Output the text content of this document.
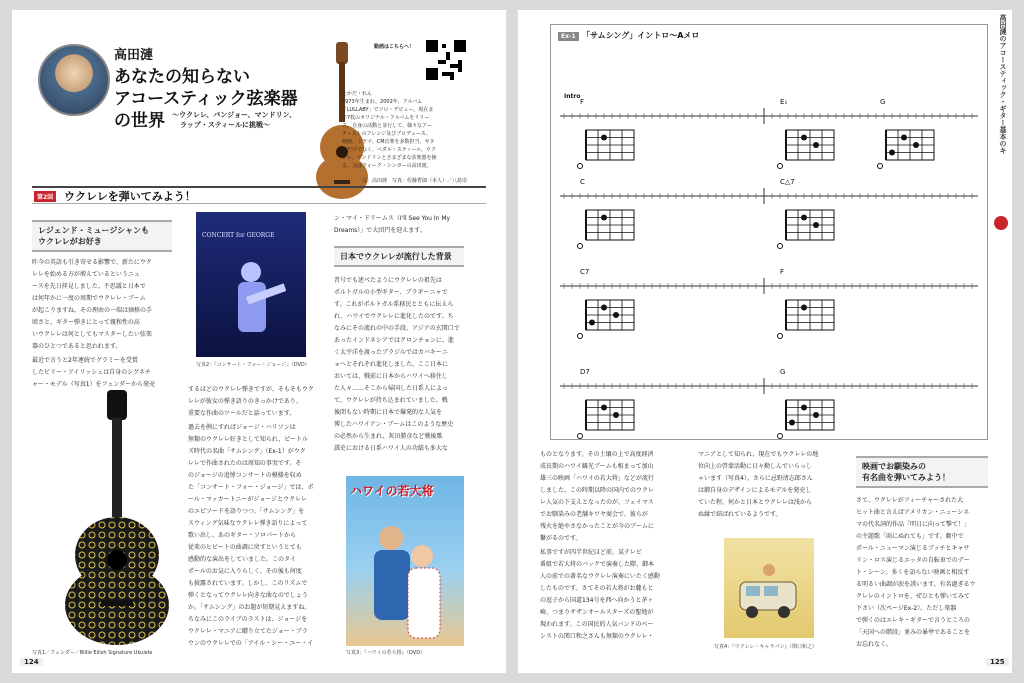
高田漣
あなたの知らない
アコースティック弦楽器
の世界 〜ウクレレ、バンジョー、マンドリン、
ラップ・スティールに挑戦〜
動画はこちらへ！
たかだ・れん
1973年生まれ。2002年、アルバム
「LULLABY」でソロ・デビュー。現在ま
で7枚のオリジナル・アルバムをリリー
ス。自身の活動と並行して、様々なアー
ティストのアレンジ及びプロデュース、
映画、ドラマ、CM音楽を多数担当。ギタ
ーだけでなく、ペダル・スティール、ウク
レレ、マンドリンとさまざまな弦楽器を操
る。父はフォーク・シンガーの高田渡。
文：高田漣　写真：佐藤哲郎（本人）／八島崇
第2回 ウクレレを弾いてみよう！
レジェンド・ミュージシャンも
ウクレレがお好き
昨今の英語も引き寄せる影響で、新たにウク
レレを始める方が増えているというニュ
ースを先日拝見しました。不思議と日本で
は何年かに一度の周期でウクレレ・ブーム
が起こりますね。その理由の一端は価格の手
頃さと、ギター弾きにとって親和性の高
いウクレレは何としてもマスターしたい弦楽
器のひとつであると思われます。
最近で言うと2年連続でグラミーを受賞
したビリー・アイリッシュは自身のシグネチ
ャー・モデル（写真1）をフェンダーから発売
写真1／フェンダー／Billie Eilish Signature Ukulele
CONCERT for GEORGE
写真2：『コンサート・フォー・ジョージ』（DVD）
するほどのウクレレ弾きですが、そもそもウク
レレが彼女の弾き語りのきっかけであり、
重要な作曲のツールだと話っています。
過去を例にすればジョージ・ハリソンは
無類のウクレレ好きとして知られ、ビートル
ズ時代の名曲「サムシング」（Ex-1）がウク
レレで作曲されたのは周知の事実です。そ
のジョージの追悼コンサートの模様を収め
た「コンサート・フォー・ジョージ」では、ポ
ール・マッカートニーがジョージとウクレレ
のエピソードを語りつつ、「サムシング」を
スウィング気味なウクレレ弾き語りによって
歌い出し、あのギター・ソロパートから
従来のヒビートの曲調に戻すというとても
感動的な演出をしていました。このタイ
ポールのお気に入りらしく、その後も何度
も披露されています。しかし、このリズムで
弾くとなってウクレレ向きな曲なのでしょう
か。「サムシング」のお題が短期見えますね。
ちなみにこのライブのラストは、ジョージを
ウクレレ・マニアに贈り立てたジョー・ブラ
ウンのウクレレでの「アイル・シー・ユー・イ
ン・マイ・ドリームス（I'll See You In My
Dreams）」で大団円を迎えます。
日本でウクレレが流行した背景
昔号でも述べたようにウクレレの祖先は
ポルトガルの小型ギター、ブラギーニャで
す。これがポルトガル系移民とともに伝えら
れ、ハワイでウクレレに進化したのです。ち
なみにその流れの中の手段、アジアの玄関口で
あったインドネシアではクロンチョンに、進
く太平洋を渡ったブラジルではカバキーニ
ョへとそれぞれ進化しました。ここ日本に
おいては、戦前に日本からハワイへ移住し
た人々……そこから帰国した日系人によっ
て、ウクレレが持ち込まれていました。戦
後間もない時期に日本で爆発的な人気を
博したハワイアン・ブームはこのような歴史
の必然から生まれ、灰田勝彦など戦後歌
謡史における日系ハワイ人の功績も多大な
ハワイの若大将
写真3：『ハワイの若大将』（DVD）
124
Ex-1 「サムシング」イントロ〜Aメロ
Intro
F	E♭	G
C	C△7
C7	F
D7	G
ものとなります。その土壌の上で高度経済
成長期のハワイ観光ブームも相まって加山
雄三の映画「ハワイの若大将」などが流行
しました。この時期以降の国内でのウクレ
レ人気の下支えとなったのが、フェイマス
でお馴染みの老舗キワヤ商会で、彼らが
残火を絶やさなかったことが今のブームに
繋がるのです。
私事ですが四半世紀ほど前、某テレビ
番組で若大将のバックで演奏した際、御本
人の前での著名なウクレレ演奏にいたく感動
したものです。さてその若大将がお麓もと
の逗子から国道134号を西へ向かうと茅ヶ
崎、つまりサザンオールスターズの聖地が
現われます。この国民的人気バンドのベー
シストの関口和之さんも無類のウクレレ・
マニアとして知られ、現在でもウクレレの地
位向上の啓蒙活動に日々勤しんでいらっし
ゃいます（写真4）。さらに忌野清志郎さん
は御自身のデザインによるモデルを発売し
ていた程、何かと日本とウクレレは浅から
ぬ縁で結ばれているようです。
写真4：『ウクレレ・キャラバン』（関口和之）
映画でお馴染みの
有名曲を弾いてみよう！
さて、ウクレレがフィーチャーされた大
ヒット曲と言えばアメリカン・ニューシネ
マの代名詞的作品「明日に向って撃て！」
の主題歌「雨にぬれても」です。劇中で
ポール・ニューマン演じるブッチとキャサ
リン・ロス演じるエッタの自転車でのデー
ト・シーン。多くを語らない映画と相反す
る明るい曲調が涙を誘います。有名過ぎるウ
クレレのイントロを、ぜひとも弾いてみて
下さい（次ページEx-2）。ただし楽器
で弾くのはエレキ・ギターで言うところの
「天国への階段」並みの暴挙であることを
お忘れなく。
高田漣のアコースティック・ギター基本のキ
125
